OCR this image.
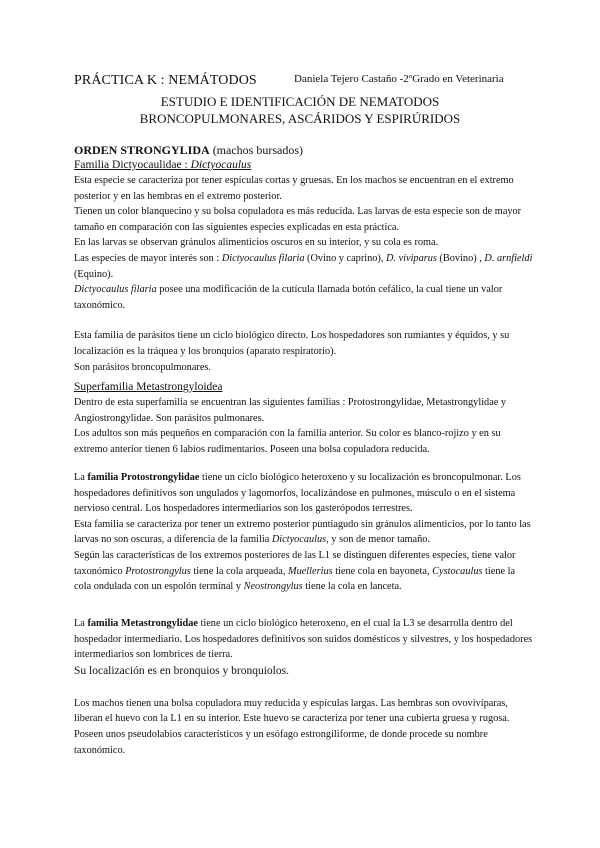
PRÁCTICA K : NEMÁTODOS	Daniela Tejero Castaño -2ºGrado en Veterinaria
ESTUDIO E IDENTIFICACIÓN DE NEMATODOS
BRONCOPULMONARES, ASCÁRIDOS Y ESPIRÚRIDOS

ORDEN STRONGYLIDA (machos bursados)

Familia Dictyocaulidae : Dictyocaulus

Esta especie se caracteriza por tener espículas cortas y gruesas. En los machos se encuentran en el extremo posterior y en las hembras en el extremo posterior.

Tienen un color blanquecino y su bolsa copuladora es más reducida. Las larvas de esta especie son de mayor tamaño en comparación con las siguientes especies explicadas en esta práctica.

En las larvas se observan gránulos alimenticios oscuros en su interior, y su cola es roma.

Las especies de mayor interés son : Dictyocaulus filaria (Ovino y caprino), D. viviparus (Bovino) , D. arnfieldi (Equino).

Dictyocaulus filaria posee una modificación de la cutícula llamada botón cefálico, la cual tiene un valor taxonómico.

Esta familia de parásitos tiene un ciclo biológico directo. Los hospedadores son rumiantes y équidos, y su localización es la tráquea y los bronquios (aparato respiratorio).

Son parásitos broncopulmonares.

Superfamilia Metastrongyloidea

Dentro de esta superfamilia se encuentran las siguientes familias : Protostrongylidae, Metastrongylidae y Angiostrongylidae. Son parásitos pulmonares.

Los adultos son más pequeños en comparación con la familia anterior. Su color es blanco-rojizo y en su extremo anterior tienen 6 labios rudimentarios. Poseen una bolsa copuladora reducida.

La familia Protostrongylidae tiene un ciclo biológico heteroxeno y su localización es broncopulmonar. Los hospedadores definitivos son ungulados y lagomorfos, localizándose en pulmones, músculo o en el sistema nervioso central. Los hospedadores intermediarios son los gasterópodos terrestres.

Esta familia se caracteriza por tener un extremo posterior puntiagudo sin gránulos alimenticios, por lo tanto las larvas no son oscuras, a diferencia de la familia Dictyocaulus, y son de menor tamaño.

Según las características de los extremos posteriores de las L1 se distinguen diferentes especies, tiene valor taxonómico Protostrongylus tiene la cola arqueada, Muellerius tiene cola en bayoneta, Cystocaulus tiene la cola ondulada con un espolón terminal y Neostrongylus tiene la cola en lanceta.

La familia Metastrongylidae tiene un ciclo biológico heteroxeno, en el cual la L3 se desarrolla dentro del hospedador intermediario. Los hospedadores definitivos son suidos domésticos y silvestres, y los hospedadores intermediarios son lombrices de tierra.

Su localización es en bronquios y bronquiolos.

Los machos tienen una bolsa copuladora muy reducida y espículas largas. Las hembras son ovovivíparas, liberan el huevo con la L1 en su interior. Este huevo se caracteriza por tener una cubierta gruesa y rugosa.

Poseen unos pseudolabios característicos y un esófago estrongiliforme, de donde procede su nombre taxonómico.
